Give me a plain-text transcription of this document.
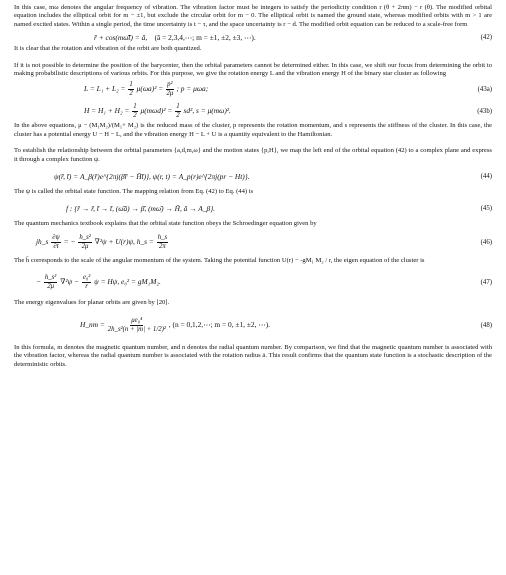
In this case, mω denotes the angular frequency of vibration. The vibration factor must be integers to satisfy the periodicity condition r (θ + 2πm) − r (θ). The modified orbital equation includes the elliptical orbit for m − ±1, but exclude the circular orbit for m − 0. The elliptical orbit is named the ground state, whereas modified orbits with m > 1 are named excited states. Within a single period, the time uncertainty is t − τ, and the space uncertainty is r − d. The modified orbit equation can be reduced to a scale-free form

r̄ + cos(mω̄t̄) = ā, (ā = 2,3,4,⋯; m = ±1, ±2, ±3, ⋯).	(42)

It is clear that the rotation and vibration of the orbit are both quantized.

If it is not possible to determine the position of the barycenter, then the orbital parameters cannot be determined either. In this case, we shift our focus from determining the orbit to making probabilistic descriptions of various orbits. For this purpose, we give the rotation energy L and the vibration energy H of the binary star cluster as following

$L = L_1 + L_2 = \frac{1}{2} \mu(\omega a)^2 = \frac{\text{p²}}{2\mu}$ ; p = μωa;	(43a)
$H = H_1 + H_2 = \frac{1}{2} \mu(m\omega d)^2 = \frac{1}{2} sd^2$, s = μ(mω)².	(43b)

In the above equations, μ − (M₁M₂)/(M₁+ M₂) is the reduced mass of the cluster, p represents the rotation momentum, and s represents the stiffness of the cluster. In this case, the cluster has a potential energy U − H − L, and the vibration energy H − L + U is a quantity equivalent to the Hamiltonian.

To establish the relationship between the orbital parameters {a,d,m,ω} and the motion states {p,H}, we map the left end of the orbital equation (42) to a complex plane and express it through a complex function ψ.

ψ(r̄, t̄) = A_β(r̄)e^{2πj(β̄r̄ − H̄t̄)}, ψ(r, t) = A_p(r)e^{2πj(pr − Ht)}.	(44)

The ψ is called the orbital state function. The mapping relation from Eq. (42) to Eq. (44) is

f : {r̄ → r̄, t̄ → t̄, (ω̄ā) → β̄, (mω̄) → H̄, ā → A_β}.	(45)

The quantum mechanics textbook explains that the orbital state function obeys the Schroedinger equation given by

jh_s $\frac{\partial\psi}{\partial t}$ = − $\frac{\text{h\_s²}}{2\mu} \nabla^2\psi + U(r)\psi$, h_s = $\frac{h\_s}{2\pi}$	(46)

The h̄ corresponds to the scale of the angular momentum of the system. Taking the potential function U(r) − -gM₁ M₂ / r, the eigen equation of the cluster is

− $\frac{\text{h\_s²}}{2\mu} \nabla^2\psi - \frac{\text{e₀²}}{r}$ ψ = Hψ, e₀² = gM₁M₂.	(47)

The energy eigenvalues for planar orbits are given by [20].

H_nm = $\frac{\text{μe₀⁴}}{\text{2h\_s²(n + |m| + 1/2)²}}$ , (n = 0,1,2,⋯; m = 0, ±1, ±2, ⋯).	(48)

In this formula, m denotes the magnetic quantum number, and n denotes the radial quantum number. By comparison, we find that the magnetic quantum number is associated with the vibration factor, whereas the radial quantum number is associated with the rotation radius ā. This result confirms that the quantum state function is a stochastic description of the deterministic orbits.
